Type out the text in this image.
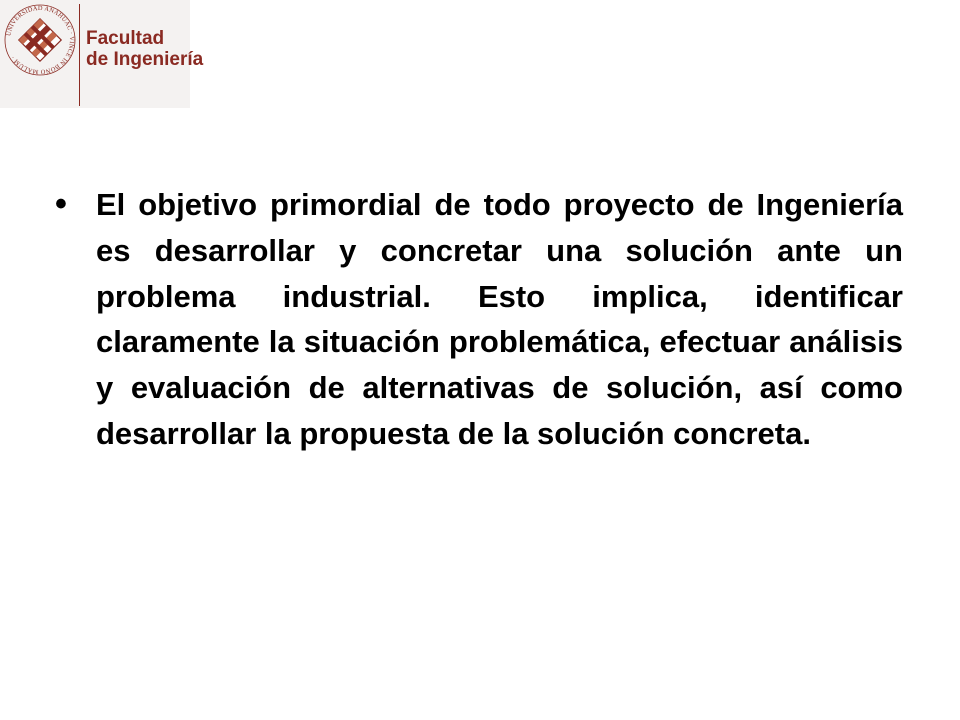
UNIVERSIDAD ANÁHUAC · VINCE IN BONO MALUM ·
Facultad
de Ingeniería
• El objetivo primordial de todo proyecto de Ingeniería es desarrollar y concretar una solución ante un problema industrial. Esto implica, identificar claramente la situación problemática, efectuar análisis y evaluación de alternativas de solución, así como desarrollar la propuesta de la solución concreta.
